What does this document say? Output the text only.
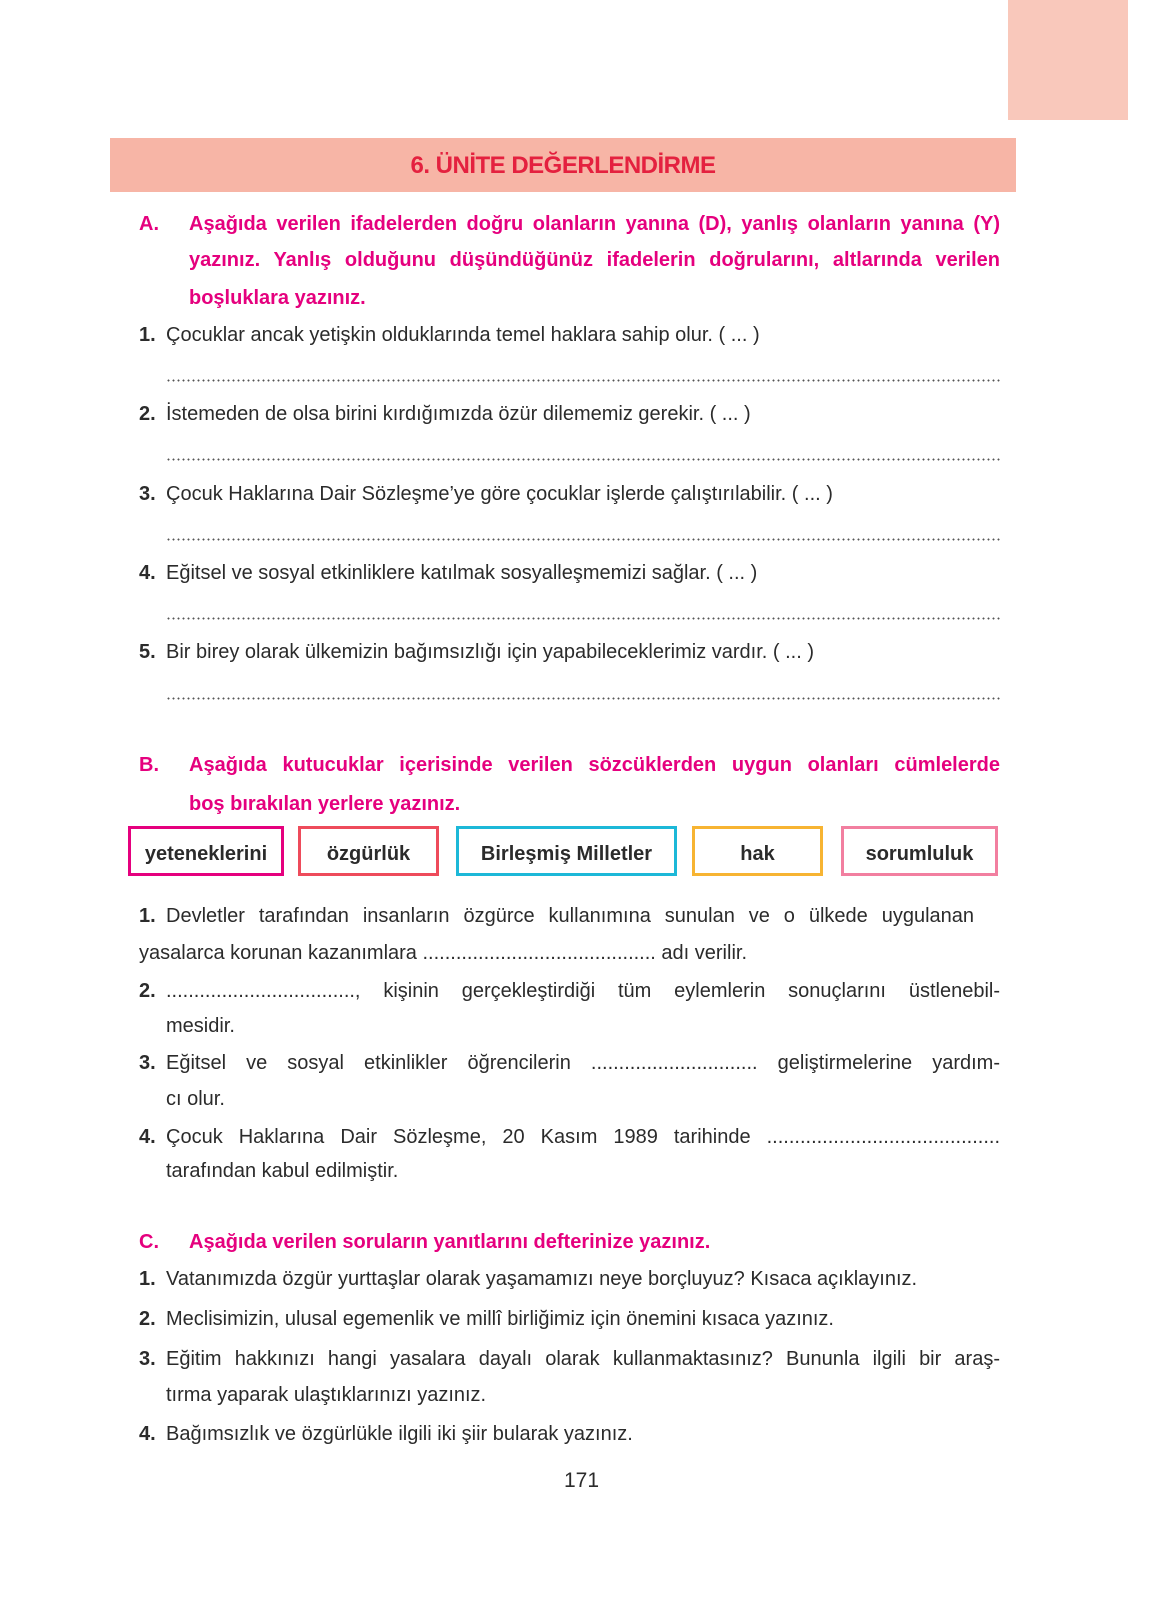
6. ÜNİTE DEĞERLENDİRME
A. Aşağıda verilen ifadelerden doğru olanların yanına (D), yanlış olanların yanına (Y)
yazınız. Yanlış olduğunu düşündüğünüz ifadelerin doğrularını, altlarında verilen
boşluklara yazınız.
1. Çocuklar ancak yetişkin olduklarında temel haklara sahip olur. ( ... )
2. İstemeden de olsa birini kırdığımızda özür dilememiz gerekir. ( ... )
3. Çocuk Haklarına Dair Sözleşme’ye göre çocuklar işlerde çalıştırılabilir. ( ... )
4. Eğitsel ve sosyal etkinliklere katılmak sosyalleşmemizi sağlar. ( ... )
5. Bir birey olarak ülkemizin bağımsızlığı için yapabileceklerimiz vardır. ( ... )
B. Aşağıda kutucuklar içerisinde verilen sözcüklerden uygun olanları cümlelerde
boş bırakılan yerlere yazınız.
yeteneklerini	özgürlük	Birleşmiş Milletler	hak	sorumluluk
1. Devletler tarafından insanların özgürce kullanımına sunulan ve o ülkede uygulanan
yasalarca korunan kazanımlara .......................................... adı verilir.
2. .................................., kişinin gerçekleştirdiği tüm eylemlerin sonuçlarını üstlenebil-
mesidir.
3. Eğitsel ve sosyal etkinlikler öğrencilerin .............................. geliştirmelerine yardım-
cı olur.
4. Çocuk Haklarına Dair Sözleşme, 20 Kasım 1989 tarihinde ..........................................
tarafından kabul edilmiştir.
C. Aşağıda verilen soruların yanıtlarını defterinize yazınız.
1. Vatanımızda özgür yurttaşlar olarak yaşamamızı neye borçluyuz? Kısaca açıklayınız.
2. Meclisimizin, ulusal egemenlik ve millî birliğimiz için önemini kısaca yazınız.
3. Eğitim hakkınızı hangi yasalara dayalı olarak kullanmaktasınız? Bununla ilgili bir araş-
tırma yaparak ulaştıklarınızı yazınız.
4. Bağımsızlık ve özgürlükle ilgili iki şiir bularak yazınız.
171
